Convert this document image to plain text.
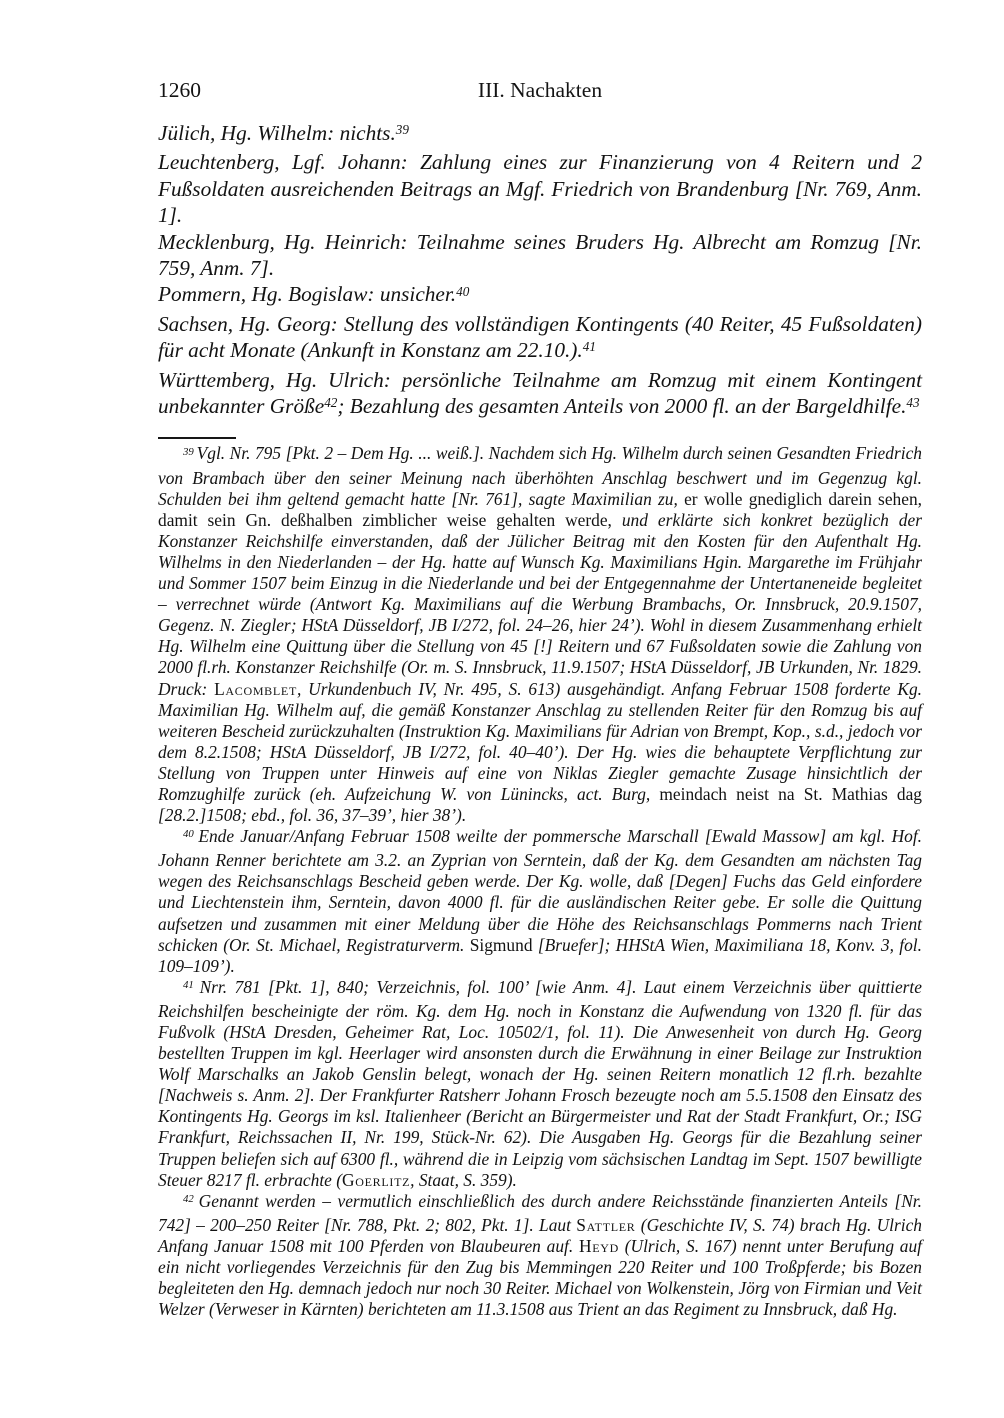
1260	III. Nachakten

Jülich, Hg. Wilhelm: nichts.$^{39}$

Leuchtenberg, Lgf. Johann: Zahlung eines zur Finanzierung von 4 Reitern und 2 Fußsoldaten ausreichenden Beitrags an Mgf. Friedrich von Brandenburg [Nr. 769, Anm. 1].

Mecklenburg, Hg. Heinrich: Teilnahme seines Bruders Hg. Albrecht am Romzug [Nr. 759, Anm. 7].

Pommern, Hg. Bogislaw: unsicher.$^{40}$

Sachsen, Hg. Georg: Stellung des vollständigen Kontingents (40 Reiter, 45 Fußsoldaten) für acht Monate (Ankunft in Konstanz am 22.10.).$^{41}$

Württemberg, Hg. Ulrich: persönliche Teilnahme am Romzug mit einem Kontingent unbekannter Größe$^{42}$; Bezahlung des gesamten Anteils von 2000 fl. an der Bargeldhilfe.$^{43}$

$^{39}$ Vgl. Nr. 795 [Pkt. 2 – Dem Hg. ... weiß.]. Nachdem sich Hg. Wilhelm durch seinen Gesandten Friedrich von Brambach über den seiner Meinung nach überhöhten Anschlag beschwert und im Gegenzug kgl. Schulden bei ihm geltend gemacht hatte [Nr. 761], sagte Maximilian zu, er wolle gnediglich darein sehen, damit sein Gn. deßhalben zimblicher weise gehalten werde, und erklärte sich konkret bezüglich der Konstanzer Reichshilfe einverstanden, daß der Jülicher Beitrag mit den Kosten für den Aufenthalt Hg. Wilhelms in den Niederlanden – der Hg. hatte auf Wunsch Kg. Maximilians Hgin. Margarethe im Frühjahr und Sommer 1507 beim Einzug in die Niederlande und bei der Entgegennahme der Untertaneneide begleitet – verrechnet würde (Antwort Kg. Maximilians auf die Werbung Brambachs, Or. Innsbruck, 20.9.1507, Gegenz. N. Ziegler; HStA Düsseldorf, JB I/272, fol. 24–26, hier 24’). Wohl in diesem Zusammenhang erhielt Hg. Wilhelm eine Quittung über die Stellung von 45 [!] Reitern und 67 Fußsoldaten sowie die Zahlung von 2000 fl.rh. Konstanzer Reichshilfe (Or. m. S. Innsbruck, 11.9.1507; HStA Düsseldorf, JB Urkunden, Nr. 1829. Druck: Lacomblet, Urkundenbuch IV, Nr. 495, S. 613) ausgehändigt. Anfang Februar 1508 forderte Kg. Maximilian Hg. Wilhelm auf, die gemäß Konstanzer Anschlag zu stellenden Reiter für den Romzug bis auf weiteren Bescheid zurückzuhalten (Instruktion Kg. Maximilians für Adrian von Brempt, Kop., s.d., jedoch vor dem 8.2.1508; HStA Düsseldorf, JB I/272, fol. 40–40’). Der Hg. wies die behauptete Verpflichtung zur Stellung von Truppen unter Hinweis auf eine von Niklas Ziegler gemachte Zusage hinsichtlich der Romzughilfe zurück (eh. Aufzeichung W. von Lünincks, act. Burg, meindach neist na St. Mathias dag [28.2.]1508; ebd., fol. 36, 37–39’, hier 38’).

$^{40}$ Ende Januar/Anfang Februar 1508 weilte der pommersche Marschall [Ewald Massow] am kgl. Hof. Johann Renner berichtete am 3.2. an Zyprian von Serntein, daß der Kg. dem Gesandten am nächsten Tag wegen des Reichsanschlags Bescheid geben werde. Der Kg. wolle, daß [Degen] Fuchs das Geld einfordere und Liechtenstein ihm, Serntein, davon 4000 fl. für die ausländischen Reiter gebe. Er solle die Quittung aufsetzen und zusammen mit einer Meldung über die Höhe des Reichsanschlags Pommerns nach Trient schicken (Or. St. Michael, Registraturverm. Sigmund [Bruefer]; HHStA Wien, Maximiliana 18, Konv. 3, fol. 109–109’).

$^{41}$ Nrr. 781 [Pkt. 1], 840; Verzeichnis, fol. 100’ [wie Anm. 4]. Laut einem Verzeichnis über quittierte Reichshilfen bescheinigte der röm. Kg. dem Hg. noch in Konstanz die Aufwendung von 1320 fl. für das Fußvolk (HStA Dresden, Geheimer Rat, Loc. 10502/1, fol. 11). Die Anwesenheit von durch Hg. Georg bestellten Truppen im kgl. Heerlager wird ansonsten durch die Erwähnung in einer Beilage zur Instruktion Wolf Marschalks an Jakob Genslin belegt, wonach der Hg. seinen Reitern monatlich 12 fl.rh. bezahlte [Nachweis s. Anm. 2]. Der Frankfurter Ratsherr Johann Frosch bezeugte noch am 5.5.1508 den Einsatz des Kontingents Hg. Georgs im ksl. Italienheer (Bericht an Bürgermeister und Rat der Stadt Frankfurt, Or.; ISG Frankfurt, Reichssachen II, Nr. 199, Stück-Nr. 62). Die Ausgaben Hg. Georgs für die Bezahlung seiner Truppen beliefen sich auf 6300 fl., während die in Leipzig vom sächsischen Landtag im Sept. 1507 bewilligte Steuer 8217 fl. erbrachte (Goerlitz, Staat, S. 359).

$^{42}$ Genannt werden – vermutlich einschließlich des durch andere Reichsstände finanzierten Anteils [Nr. 742] – 200–250 Reiter [Nr. 788, Pkt. 2; 802, Pkt. 1]. Laut Sattler (Geschichte IV, S. 74) brach Hg. Ulrich Anfang Januar 1508 mit 100 Pferden von Blaubeuren auf. Heyd (Ulrich, S. 167) nennt unter Berufung auf ein nicht vorliegendes Verzeichnis für den Zug bis Memmingen 220 Reiter und 100 Troßpferde; bis Bozen begleiteten den Hg. demnach jedoch nur noch 30 Reiter. Michael von Wolkenstein, Jörg von Firmian und Veit Welzer (Verweser in Kärnten) berichteten am 11.3.1508 aus Trient an das Regiment zu Innsbruck, daß Hg.
